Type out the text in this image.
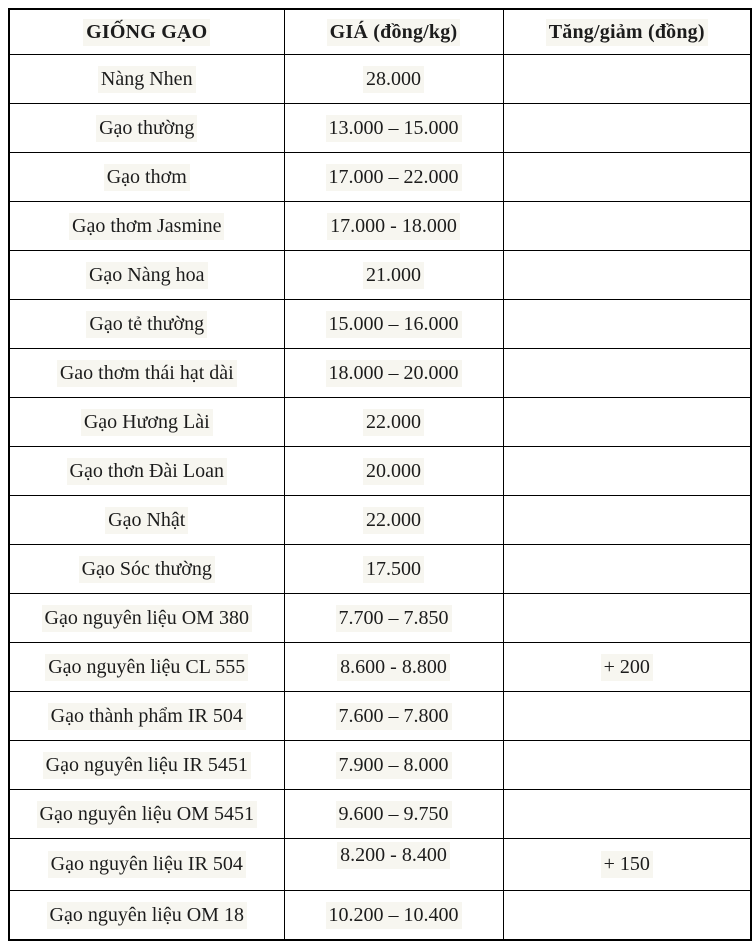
GIỐNG GẠO	GIÁ (đồng/kg)	Tăng/giảm (đồng)
Nàng Nhen	28.000	
Gạo thường	13.000 – 15.000	
Gạo thơm	17.000 – 22.000	
Gạo thơm Jasmine	17.000 - 18.000	
Gạo Nàng hoa	21.000	
Gạo tẻ thường	15.000 – 16.000	
Gao thơm thái hạt dài	18.000 – 20.000	
Gạo Hương Lài	22.000	
Gạo thơn Đài Loan	20.000	
Gạo Nhật	22.000	
Gạo Sóc thường	17.500	
Gạo nguyên liệu OM 380	7.700 – 7.850	
Gạo nguyên liệu CL 555	8.600 - 8.800	+ 200
Gạo thành phẩm IR 504	7.600 – 7.800	
Gạo nguyên liệu IR 5451	7.900 – 8.000	
Gạo nguyên liệu OM 5451	9.600 – 9.750	
Gạo nguyên liệu IR 504	8.200 - 8.400	+ 150
Gạo nguyên liệu OM 18	10.200 – 10.400	
